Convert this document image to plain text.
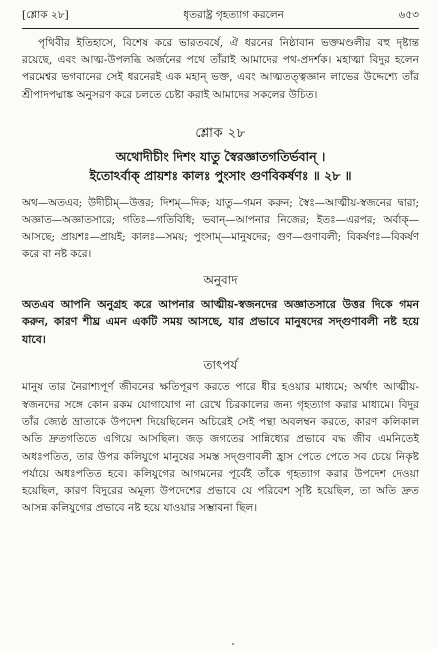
[শ্লোক ২৮]	ধৃতরাষ্ট্র গৃহত্যাগ করলেন	৬৫৩

পৃথিবীর ইতিহাসে, বিশেষ করে ভারতবর্ষে, ঐ ধরনের নিষ্ঠাবান ভক্তমণ্ডলীর বহু দৃষ্টান্ত রয়েছে, এবং আত্ম-উপলব্ধি অর্জনের পথে তাঁরাই আমাদের পথ-প্রদর্শক। মহাত্মা বিদুর হলেন পরমেশ্বর ভগবানের সেই ধরনেরই এক মহান্‌ ভক্ত, এবং আত্মতত্ত্বজ্ঞান লাভের উদ্দেশ্যে তাঁর শ্রীপাদপদ্মাঙ্ক অনুসরণ করে চলতে চেষ্টা করাই আমাদের সকলের উচিত।

শ্লোক ২৮
অথোদীচীং দিশং যাতু স্বৈরজ্ঞাতগতির্ভবান্‌ ।
ইতোঽর্বাক্‌ প্রায়শঃ কালঃ পুংসাং গুণবিকর্ষণঃ ॥ ২৮ ॥

অথ—অতএব; উদীচীম্‌—উত্তর; দিশম্‌—দিক; যাতু—গমন করুন; স্বৈঃ—আত্মীয়-স্বজনের দ্বারা; অজ্ঞাত—অজ্ঞাতসারে; গতিঃ—গতিবিধি; ভবান্‌—আপনার নিজের; ইতঃ—এরপর; অর্বাক্‌—আসছে; প্রায়শঃ—প্রায়ই; কালঃ—সময়; পুংসাম্‌—মানুষদের; গুণ—গুণাবলী; বিকর্ষণঃ—বিকর্ষণ করে বা নষ্ট করে।

অনুবাদ

অতএব আপনি অনুগ্রহ করে আপনার আত্মীয়-স্বজনদের অজ্ঞাতসারে উত্তর দিকে গমন করুন, কারণ শীঘ্র এমন একটি সময় আসছে, যার প্রভাবে মানুষদের সদ্‌গুণাবলী নষ্ট হয়ে যাবে।

তাৎপর্য

মানুষ তার নৈরাশ্যপূর্ণ জীবনের ক্ষতিপূরণ করতে পারে ধীর হওয়ার মাধ্যমে; অর্থাৎ আত্মীয়-স্বজনদের সঙ্গে কোন রকম যোগাযোগ না রেখে চিরকালের জন্য গৃহত্যাগ করার মাধ্যমে। বিদুর তাঁর জ্যেষ্ঠ ভ্রাতাকে উপদেশ দিয়েছিলেন অচিরেই সেই পন্থা অবলম্বন করতে, কারণ কলিকাল অতি দ্রুতগতিতে এগিয়ে আসছিল। জড় জগতের সান্নিধ্যের প্রভাবে বদ্ধ জীব এমনিতেই অধঃপতিত, তার উপর কলিযুগে মানুষের সমস্ত সদ্‌গুণাবলী হ্রাস পেতে পেতে সব চেয়ে নিকৃষ্ট পর্যায়ে অধঃপতিত হবে। কলিযুগের আগমনের পূর্বেই তাঁকে গৃহত্যাগ করার উপদেশ দেওয়া হয়েছিল, কারণ বিদুরের অমূল্য উপদেশের প্রভাবে যে পরিবেশ সৃষ্টি হয়েছিল, তা অতি দ্রুত আসন্ন কলিযুগের প্রভাবে নষ্ট হয়ে যাওয়ার সম্ভাবনা ছিল।
